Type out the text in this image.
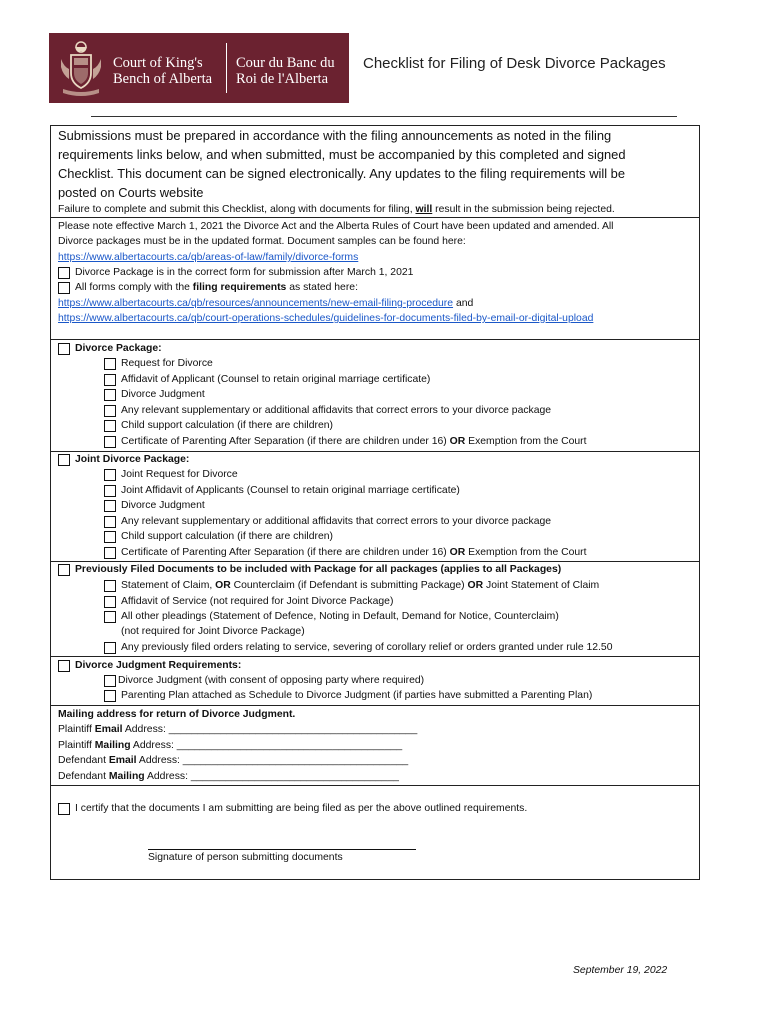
Court of King's
Bench of Alberta
Cour du Banc du
Roi de l'Alberta
Checklist for Filing of Desk Divorce Packages
Submissions must be prepared in accordance with the filing announcements as noted in the filing
requirements links below, and when submitted, must be accompanied by this completed and signed
Checklist. This document can be signed electronically. Any updates to the filing requirements will be
posted on Courts website
Failure to complete and submit this Checklist, along with documents for filing, will result in the submission being rejected.
Please note effective March 1, 2021 the Divorce Act and the Alberta Rules of Court have been updated and amended. All
Divorce packages must be in the updated format. Document samples can be found here:
https://www.albertacourts.ca/qb/areas-of-law/family/divorce-forms
Divorce Package is in the correct form for submission after March 1, 2021
All forms comply with the filing requirements as stated here:
https://www.albertacourts.ca/qb/resources/announcements/new-email-filing-procedure and
https://www.albertacourts.ca/qb/court-operations-schedules/guidelines-for-documents-filed-by-email-or-digital-upload
Divorce Package:
Request for Divorce
Affidavit of Applicant (Counsel to retain original marriage certificate)
Divorce Judgment
Any relevant supplementary or additional affidavits that correct errors to your divorce package
Child support calculation (if there are children)
Certificate of Parenting After Separation (if there are children under 16) OR Exemption from the Court
Joint Divorce Package:
Joint Request for Divorce
Joint Affidavit of Applicants (Counsel to retain original marriage certificate)
Divorce Judgment
Any relevant supplementary or additional affidavits that correct errors to your divorce package
Child support calculation (if there are children)
Certificate of Parenting After Separation (if there are children under 16) OR Exemption from the Court
Previously Filed Documents to be included with Package for all packages (applies to all Packages)
Statement of Claim, OR Counterclaim (if Defendant is submitting Package) OR Joint Statement of Claim
Affidavit of Service (not required for Joint Divorce Package)
All other pleadings (Statement of Defence, Noting in Default, Demand for Notice, Counterclaim)
(not required for Joint Divorce Package)
Any previously filed orders relating to service, severing of corollary relief or orders granted under rule 12.50
Divorce Judgment Requirements:
Divorce Judgment (with consent of opposing party where required)
Parenting Plan attached as Schedule to Divorce Judgment (if parties have submitted a Parenting Plan)
Mailing address for return of Divorce Judgment.
Plaintiff Email Address: ___________________________________________
Plaintiff Mailing Address: _______________________________________
Defendant Email Address: _______________________________________
Defendant Mailing Address: ____________________________________
I certify that the documents I am submitting are being filed as per the above outlined requirements.
Signature of person submitting documents
September 19, 2022
